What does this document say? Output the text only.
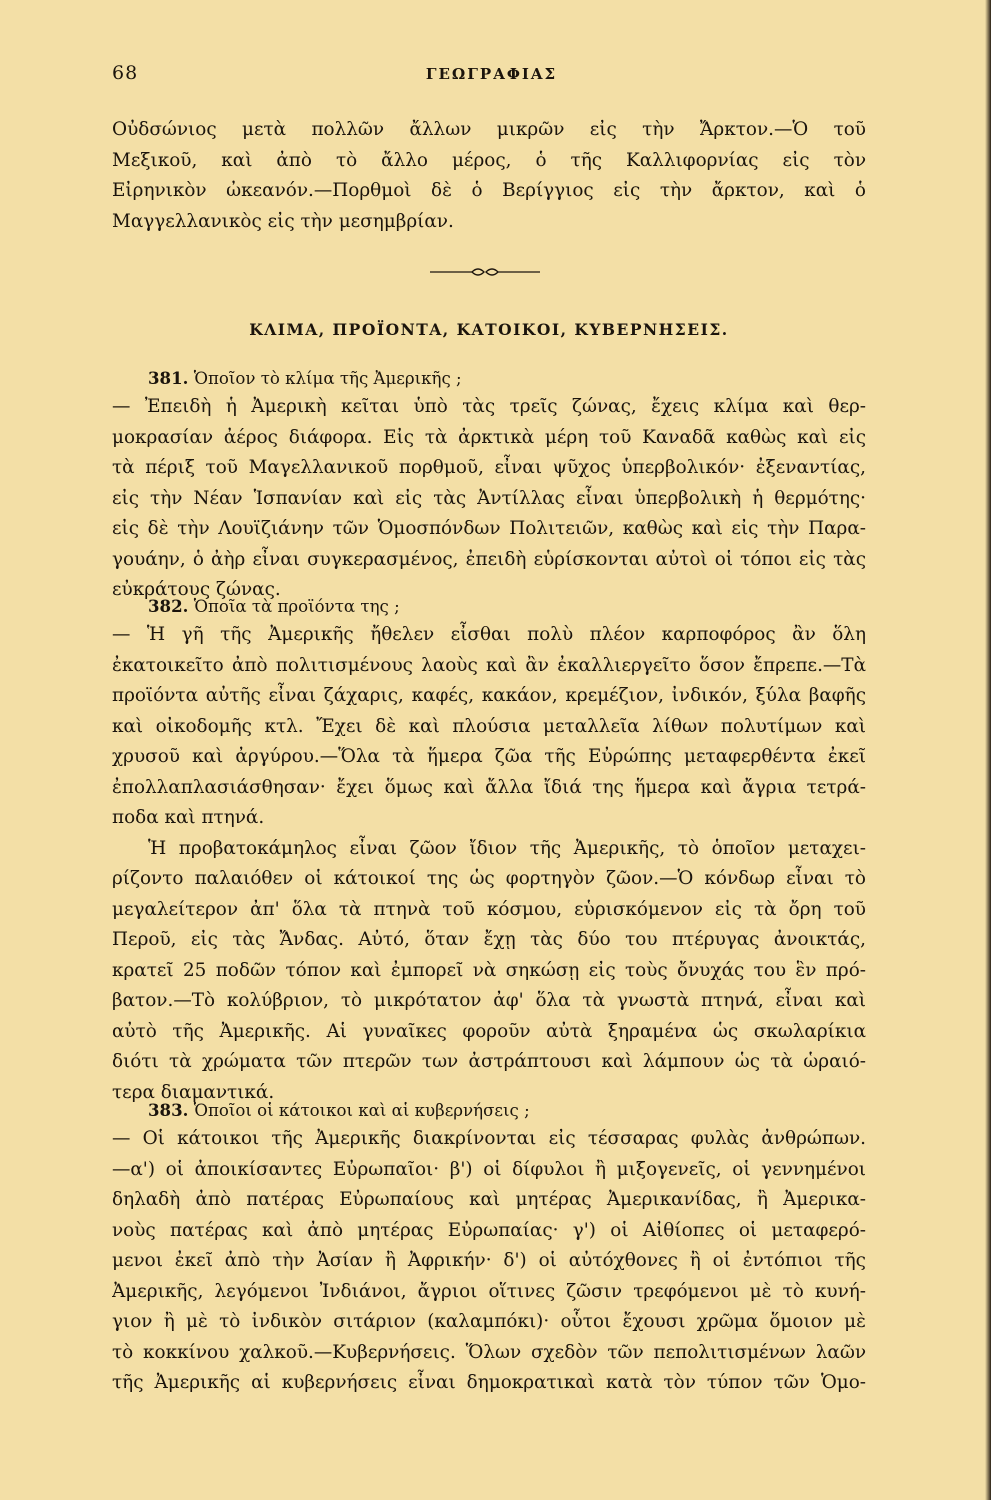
68	ΓΕΩΓΡΑΦΙΑΣ
Οὐδσώνιος μετὰ πολλῶν ἄλλων μικρῶν εἰς τὴν Ἄρκτον.—Ὁ τοῦ
Μεξικοῦ, καὶ ἀπὸ τὸ ἄλλο μέρος, ὁ τῆς Καλλιφορνίας εἰς τὸν
Εἰρηνικὸν ὠκεανόν.—Πορθμοὶ δὲ ὁ Βερίγγιος εἰς τὴν ἄρκτον, καὶ ὁ
Μαγγελλανικὸς εἰς τὴν μεσημβρίαν.
ΚΛΙΜΑ, ΠΡΟΪΟΝΤΑ, ΚΑΤΟΙΚΟΙ, ΚΥΒΕΡΝΗΣΕΙΣ.
381. Ὁποῖον τὸ κλίμα τῆς Ἀμερικῆς ;
— Ἐπειδὴ ἡ Ἀμερικὴ κεῖται ὑπὸ τὰς τρεῖς ζώνας, ἔχεις κλίμα καὶ θερ-
μοκρασίαν ἀέρος διάφορα. Εἰς τὰ ἀρκτικὰ μέρη τοῦ Καναδᾶ καθὼς καὶ εἰς
τὰ πέριξ τοῦ Μαγελλανικοῦ πορθμοῦ, εἶναι ψῦχος ὑπερβολικόν· ἐξεναντίας,
εἰς τὴν Νέαν Ἱσπανίαν καὶ εἰς τὰς Ἀντίλλας εἶναι ὑπερβολικὴ ἡ θερμότης·
εἰς δὲ τὴν Λουϊζιάνην τῶν Ὁμοσπόνδων Πολιτειῶν, καθὼς καὶ εἰς τὴν Παρα-
γουάην, ὁ ἀὴρ εἶναι συγκερασμένος, ἐπειδὴ εὑρίσκονται αὐτοὶ οἱ τόποι εἰς τὰς
εὐκράτους ζώνας.
382. Ὁποῖα τὰ προϊόντα της ;
— Ἡ γῆ τῆς Ἀμερικῆς ἤθελεν εἶσθαι πολὺ πλέον καρποφόρος ἂν ὅλη
ἐκατοικεῖτο ἀπὸ πολιτισμένους λαοὺς καὶ ἂν ἐκαλλιεργεῖτο ὅσον ἔπρεπε.—Τὰ
προϊόντα αὐτῆς εἶναι ζάχαρις, καφές, κακάον, κρεμέζιον, ἰνδικόν, ξύλα βαφῆς
καὶ οἰκοδομῆς κτλ. Ἔχει δὲ καὶ πλούσια μεταλλεῖα λίθων πολυτίμων καὶ
χρυσοῦ καὶ ἀργύρου.—Ὅλα τὰ ἥμερα ζῶα τῆς Εὐρώπης μεταφερθέντα ἐκεῖ
ἐπολλαπλασιάσθησαν· ἔχει ὅμως καὶ ἄλλα ἴδιά της ἥμερα καὶ ἄγρια τετρά-
ποδα καὶ πτηνά.
Ἡ προβατοκάμηλος εἶναι ζῶον ἴδιον τῆς Ἀμερικῆς, τὸ ὁποῖον μεταχει-
ρίζοντο παλαιόθεν οἱ κάτοικοί της ὡς φορτηγὸν ζῶον.—Ὁ κόνδωρ εἶναι τὸ
μεγαλείτερον ἀπ' ὅλα τὰ πτηνὰ τοῦ κόσμου, εὑρισκόμενον εἰς τὰ ὄρη τοῦ
Περοῦ, εἰς τὰς Ἄνδας. Αὐτό, ὅταν ἔχῃ τὰς δύο του πτέρυγας ἀνοικτάς,
κρατεῖ 25 ποδῶν τόπον καὶ ἐμπορεῖ νὰ σηκώσῃ εἰς τοὺς ὄνυχάς του ἓν πρό-
βατον.—Τὸ κολύβριον, τὸ μικρότατον ἀφ' ὅλα τὰ γνωστὰ πτηνά, εἶναι καὶ
αὐτὸ τῆς Ἀμερικῆς. Αἱ γυναῖκες φοροῦν αὐτὰ ξηραμένα ὡς σκωλαρίκια
διότι τὰ χρώματα τῶν πτερῶν των ἀστράπτουσι καὶ λάμπουν ὡς τὰ ὡραιό-
τερα διαμαντικά.
383. Ὁποῖοι οἱ κάτοικοι καὶ αἱ κυβερνήσεις ;
— Οἱ κάτοικοι τῆς Ἀμερικῆς διακρίνονται εἰς τέσσαρας φυλὰς ἀνθρώπων.
—α') οἱ ἀποικίσαντες Εὐρωπαῖοι· β') οἱ δίφυλοι ἢ μιξογενεῖς, οἱ γεννημένοι
δηλαδὴ ἀπὸ πατέρας Εὐρωπαίους καὶ μητέρας Ἀμερικανίδας, ἢ Ἀμερικα-
νοὺς πατέρας καὶ ἀπὸ μητέρας Εὐρωπαίας· γ') οἱ Αἰθίοπες οἱ μεταφερό-
μενοι ἐκεῖ ἀπὸ τὴν Ἀσίαν ἢ Ἀφρικήν· δ') οἱ αὐτόχθονες ἢ οἱ ἐντόπιοι τῆς
Ἀμερικῆς, λεγόμενοι Ἰνδιάνοι, ἄγριοι οἵτινες ζῶσιν τρεφόμενοι μὲ τὸ κυνή-
γιον ἢ μὲ τὸ ἰνδικὸν σιτάριον (καλαμπόκι)· οὗτοι ἔχουσι χρῶμα ὅμοιον μὲ
τὸ κοκκίνου χαλκοῦ.—Κυβερνήσεις. Ὅλων σχεδὸν τῶν πεπολιτισμένων λαῶν
τῆς Ἀμερικῆς αἱ κυβερνήσεις εἶναι δημοκρατικαὶ κατὰ τὸν τύπον τῶν Ὁμο-
